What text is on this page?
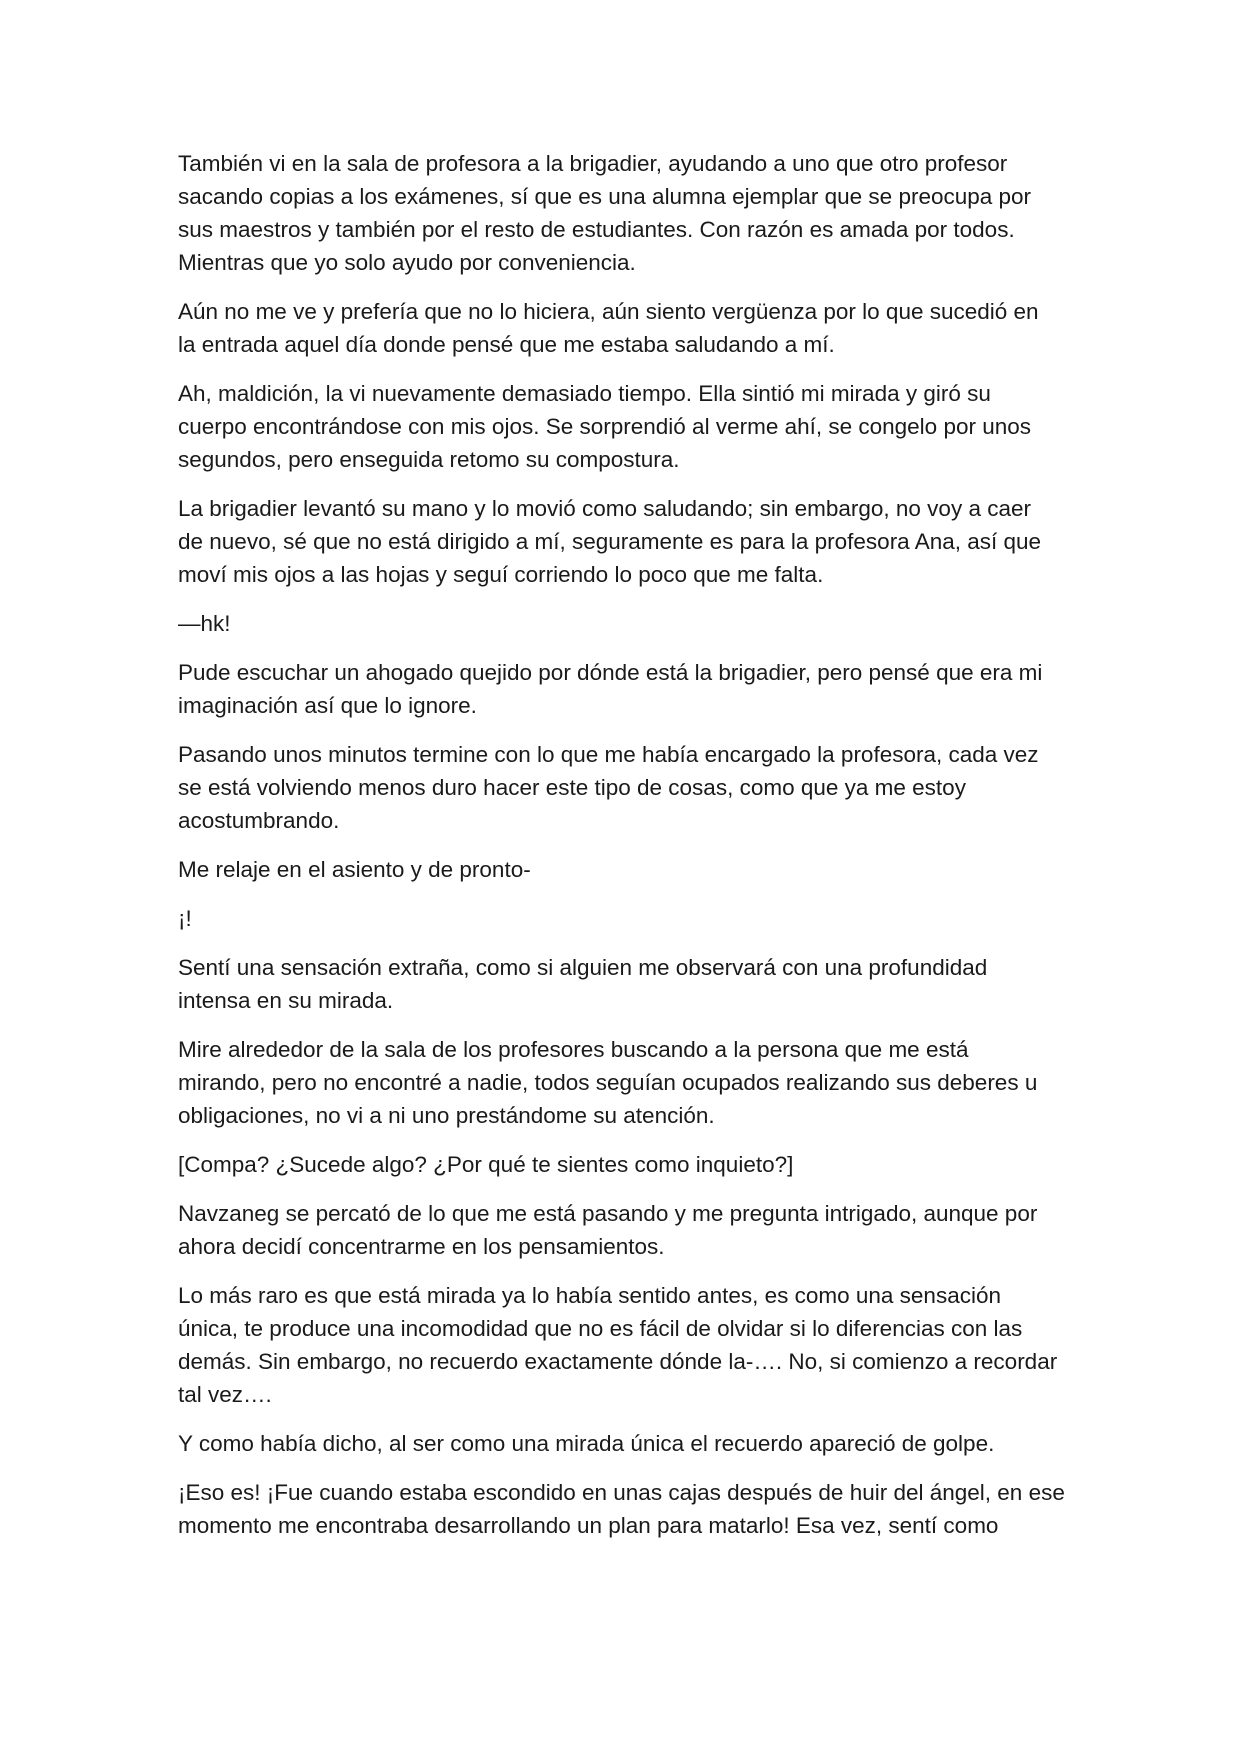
También vi en la sala de profesora a la brigadier, ayudando a uno que otro profesor
sacando copias a los exámenes, sí que es una alumna ejemplar que se preocupa por
sus maestros y también por el resto de estudiantes. Con razón es amada por todos.
Mientras que yo solo ayudo por conveniencia.

Aún no me ve y prefería que no lo hiciera, aún siento vergüenza por lo que sucedió en
la entrada aquel día donde pensé que me estaba saludando a mí.

Ah, maldición, la vi nuevamente demasiado tiempo. Ella sintió mi mirada y giró su
cuerpo encontrándose con mis ojos. Se sorprendió al verme ahí, se congelo por unos
segundos, pero enseguida retomo su compostura.

La brigadier levantó su mano y lo movió como saludando; sin embargo, no voy a caer
de nuevo, sé que no está dirigido a mí, seguramente es para la profesora Ana, así que
moví mis ojos a las hojas y seguí corriendo lo poco que me falta.

—hk!

Pude escuchar un ahogado quejido por dónde está la brigadier, pero pensé que era mi
imaginación así que lo ignore.

Pasando unos minutos termine con lo que me había encargado la profesora, cada vez
se está volviendo menos duro hacer este tipo de cosas, como que ya me estoy
acostumbrando.

Me relaje en el asiento y de pronto-

¡!

Sentí una sensación extraña, como si alguien me observará con una profundidad
intensa en su mirada.

Mire alrededor de la sala de los profesores buscando a la persona que me está
mirando, pero no encontré a nadie, todos seguían ocupados realizando sus deberes u
obligaciones, no vi a ni uno prestándome su atención.

[Compa? ¿Sucede algo? ¿Por qué te sientes como inquieto?]

Navzaneg se percató de lo que me está pasando y me pregunta intrigado, aunque por
ahora decidí concentrarme en los pensamientos.

Lo más raro es que está mirada ya lo había sentido antes, es como una sensación
única, te produce una incomodidad que no es fácil de olvidar si lo diferencias con las
demás. Sin embargo, no recuerdo exactamente dónde la-…. No, si comienzo a recordar
tal vez….

Y como había dicho, al ser como una mirada única el recuerdo apareció de golpe.

¡Eso es! ¡Fue cuando estaba escondido en unas cajas después de huir del ángel, en ese
momento me encontraba desarrollando un plan para matarlo! Esa vez, sentí como
